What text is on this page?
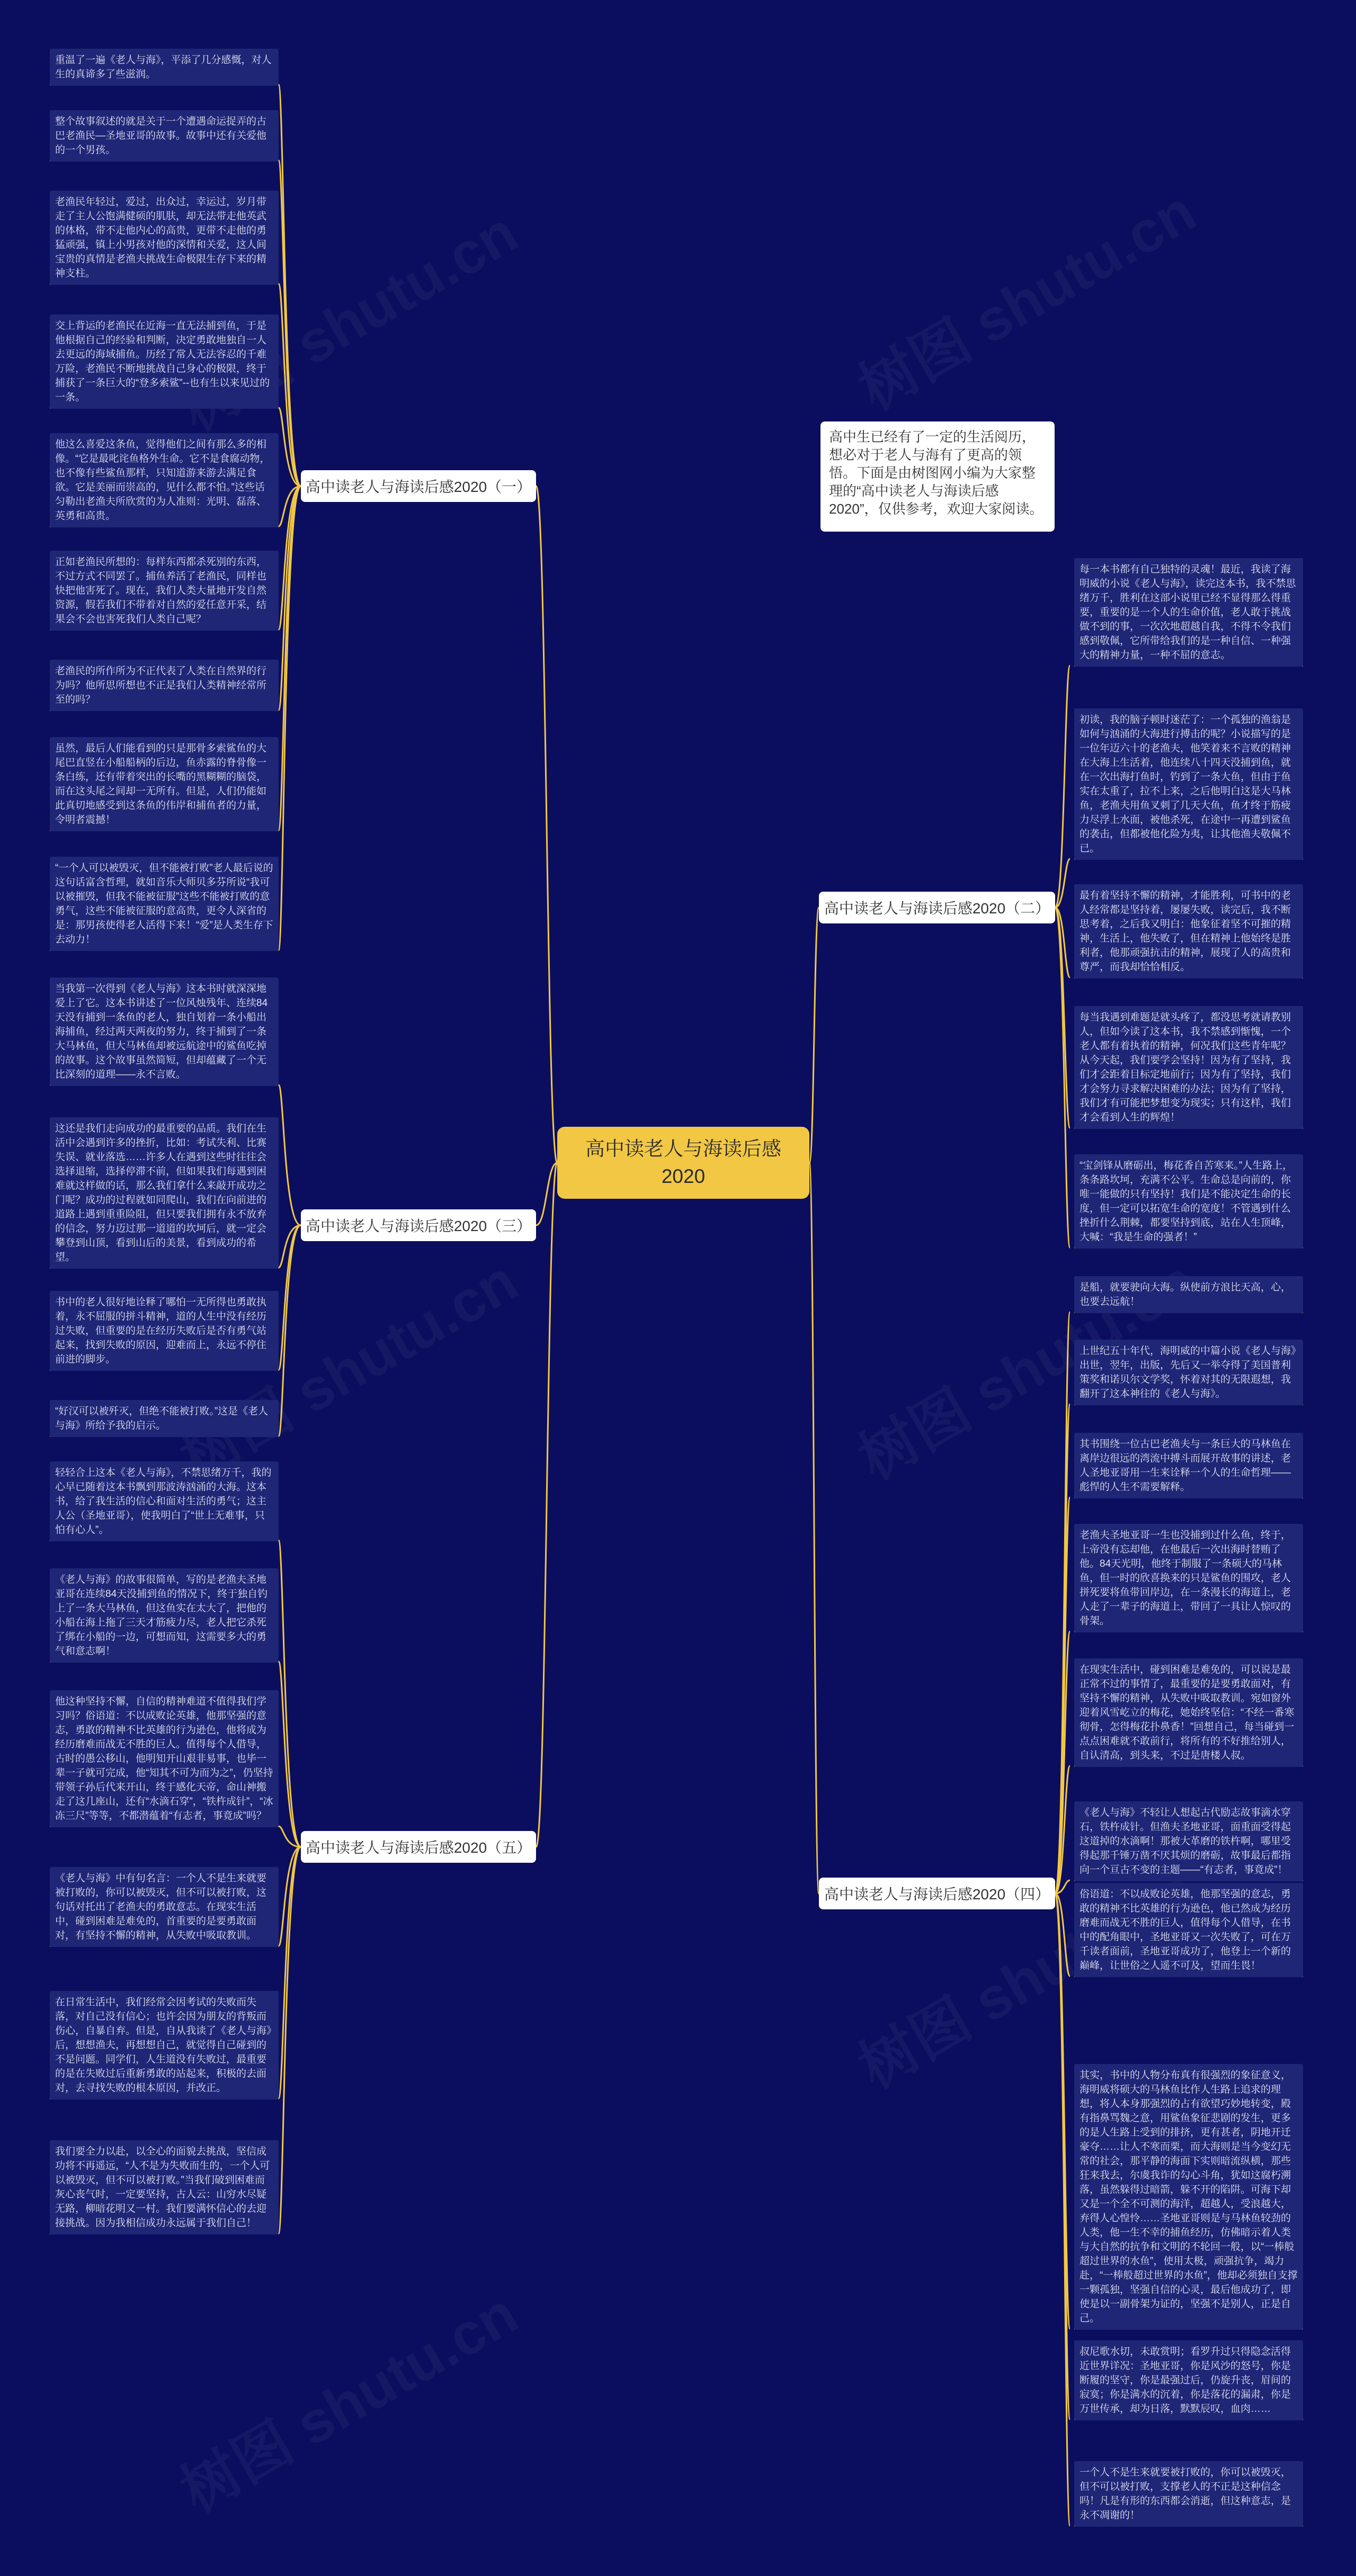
高中读老人与海读后感2020
高中生已经有了一定的生活阅历，想必对于老人与海有了更高的领悟。下面是由树图网小编为大家整理的“高中读老人与海读后感2020”，仅供参考，欢迎大家阅读。
高中读老人与海读后感2020（一）
重温了一遍《老人与海》，平添了几分感慨，对人生的真谛多了些滋润。
整个故事叙述的就是关于一个遭遇命运捉弄的古巴老渔民—圣地亚哥的故事。故事中还有关爱他的一个男孩。
老渔民年轻过，爱过，出众过，幸运过，岁月带走了主人公饱满健硕的肌肤，却无法带走他英武的体格，带不走他内心的高贵，更带不走他的勇猛顽强，镇上小男孩对他的深情和关爱，这人间宝贵的真情是老渔夫挑战生命极限生存下来的精神支柱。
交上背运的老渔民在近海一直无法捕到鱼，于是他根据自己的经验和判断，决定勇敢地独自一人去更远的海域捕鱼。历经了常人无法容忍的千难万险，老渔民不断地挑战自己身心的极限，终于捕获了一条巨大的“登多索鲨”--也有生以来见过的一条。
他这么喜爱这条鱼，觉得他们之间有那么多的相像。“它是最叱诧鱼格外生命。它不是食腐动物，也不像有些鲨鱼那样，只知道游来游去满足食欲。它是美丽而崇高的，见什么都不怕。”这些话匀勒出老渔夫所欣赏的为人准则：光明、磊落、英勇和高贵。
正如老渔民所想的：每样东西都杀死别的东西，不过方式不同罢了。捕鱼养活了老渔民，同样也快把他害死了。现在，我们人类大量地开发自然资源，假若我们不带着对自然的爱任意开采，结果会不会也害死我们人类自己呢？
老渔民的所作所为不正代表了人类在自然界的行为吗？他所思所想也不正是我们人类精神经常所至的吗？
虽然，最后人们能看到的只是那骨多索鲨鱼的大尾巴直竖在小船船柄的后边，鱼赤露的脊骨像一条白练，还有带着突出的长嘴的黑糊糊的脑袋，而在这头尾之间却一无所有。但是，人们仍能如此真切地感受到这条鱼的伟岸和捕鱼者的力量，令明者震撼！
“一个人可以被毁灭，但不能被打败”老人最后说的这句话富含哲理，就如音乐大师贝多芬所说“我可以被摧毁，但我不能被征服”这些不能被打败的意勇气，这些不能被征服的意高贵，更令人深省的是：那男孩使得老人活得下来！“爱”是人类生存下去动力！
高中读老人与海读后感2020（三）
当我第一次得到《老人与海》这本书时就深深地爱上了它。这本书讲述了一位风烛残年、连续84天没有捕到一条鱼的老人，独自划着一条小船出海捕鱼，经过两天两夜的努力，终于捕到了一条大马林鱼，但大马林鱼却被远航途中的鲨鱼吃掉的故事。这个故事虽然简短，但却蕴藏了一个无比深刻的道理——永不言败。
这还是我们走向成功的最重要的品质。我们在生活中会遇到许多的挫折，比如：考试失利、比赛失误、就业落选……许多人在遇到这些时往往会选择退缩，选择停滞不前，但如果我们每遇到困难就这样做的话，那么我们拿什么来敲开成功之门呢？成功的过程就如同爬山，我们在向前进的道路上遇到重重险阻，但只要我们拥有永不放弃的信念，努力迈过那一道道的坎坷后，就一定会攀登到山顶，看到山后的美景，看到成功的希望。
书中的老人很好地诠释了哪怕一无所得也勇敢执着，永不屈服的拼斗精神，道的人生中没有经历过失败，但重要的是在经历失败后是否有勇气站起来，找到失败的原因，迎难而上，永远不停住前进的脚步。
“好汉可以被歼灭，但绝不能被打败。”这是《老人与海》所给予我的启示。
高中读老人与海读后感2020（五）
轻轻合上这本《老人与海》，不禁思绪万千，我的心早已随着这本书飘到那波涛汹涌的大海。这本书，给了我生活的信心和面对生活的勇气；这主人公（圣地亚哥），使我明白了“世上无难事，只怕有心人”。
《老人与海》的故事很简单，写的是老渔夫圣地亚哥在连续84天没捕到鱼的情况下，终于独自钓上了一条大马林鱼，但这鱼实在太大了，把他的小船在海上拖了三天才筋疲力尽，老人把它杀死了绑在小船的一边，可想而知，这需要多大的勇气和意志啊！
他这种坚持不懈，自信的精神难道不值得我们学习吗？俗语道：不以成败论英雄，他那坚强的意志，勇敢的精神不比英雄的行为逊色，他将成为经历磨难而战无不胜的巨人。值得每个人借导，古时的愚公移山，他明知开山艰非易事，也毕一辈一子就可完成，他“知其不可为而为之”，仍坚持带领子孙后代来开山，终于感化天帝，命山神搬走了这几座山，还有“水滴石穿”，“铁杵成针”，“冰冻三尺”等等，不都潜蕴着“有志者，事竟成”吗？
《老人与海》中有句名言：一个人不是生来就要被打败的，你可以被毁灭，但不可以被打败，这句话对托出了老渔夫的勇敢意志。在现实生活中，碰到困难是难免的，首重要的是要勇敢面对，有坚持不懈的精神，从失败中吸取教训。
在日常生活中，我们经常会因考试的失败而失落，对自己没有信心；也许会因为朋友的背叛而伤心，自暴自弃。但是，自从我读了《老人与海》后，想想渔夫，再想想自己，就觉得自己碰到的不是问题。同学们，人生道没有失败过，最重要的是在失败过后重新勇敢的站起来，积极的去面对，去寻找失败的根本原因，并改正。
我们要全力以赴，以全心的面貌去挑战，坚信成功将不再遥远，“人不是为失败而生的，一个人可以被毁灭，但不可以被打败。”当我们破到困难而灰心丧气时，一定要坚持，古人云：山穷水尽疑无路，柳暗花明又一村。我们要满怀信心的去迎接挑战。因为我相信成功永远属于我们自己！
高中读老人与海读后感2020（二）
每一本书都有自己独特的灵魂！最近，我读了海明威的小说《老人与海》，读完这本书，我不禁思绪万千，胜利在这部小说里已经不显得那么得重要，重要的是一个人的生命价值，老人敢于挑战做不到的事，一次次地超越自我，不得不令我们感到敬佩，它所带给我们的是一种自信、一种强大的精神力量，一种不屈的意志。
初读，我的脑子顿时迷茫了：一个孤独的渔翁是如何与汹涌的大海进行搏击的呢？小说描写的是一位年迈六十的老渔夫，他笑着来不言败的精神在大海上生活着，他连续八十四天没捕到鱼，就在一次出海打鱼时，钓到了一条大鱼，但由于鱼实在太重了，拉不上来，之后他明白这是大马林鱼，老渔夫用鱼叉刺了几天大鱼，鱼才终于筋疲力尽浮上水面，被他杀死，在途中一再遭到鲨鱼的袭击，但都被他化险为夷，让其他渔夫敬佩不已。
最有着坚持不懈的精神，才能胜利，可书中的老人经常都是坚持着，屡屡失败，读完后，我不断思考着，之后我又明白：他象征着坚不可摧的精神，生活上，他失败了，但在精神上他始终是胜利者，他那顽强抗击的精神，展现了人的高贵和尊严，而我却恰恰相反。
每当我遇到难题是就头疼了，都没思考就请教别人，但如今读了这本书，我不禁感到惭愧，一个老人都有着执着的精神，何况我们这些青年呢？从今天起，我们要学会坚持！因为有了坚持，我们才会距着目标定地前行；因为有了坚持，我们才会努力寻求解决困难的办法；因为有了坚持，我们才有可能把梦想变为现实；只有这样，我们才会看到人生的辉煌！
“宝剑锋从磨砺出，梅花香自苦寒来。”人生路上，条条路坎坷，充满不公平。生命总是向前的，你唯一能做的只有坚持！我们是不能决定生命的长度，但一定可以拓宽生命的宽度！不管遇到什么挫折什么荆棘，都要坚持到底，站在人生顶峰，大喊：“我是生命的强者！”
高中读老人与海读后感2020（四）
是船，就要驶向大海。纵使前方浪比天高，心，也要去远航！
上世纪五十年代，海明威的中篇小说《老人与海》出世，翌年，出版，先后又一举夺得了美国普利策奖和诺贝尔文学奖，怀着对其的无限遐想，我翻开了这本神往的《老人与海》。
其书围绕一位古巴老渔夫与一条巨大的马林鱼在离岸边很远的湾流中搏斗而展开故事的讲述，老人圣地亚哥用一生来诠释一个人的生命哲理——彪悍的人生不需要解释。
老渔夫圣地亚哥一生也没捕到过什么鱼，终于，上帝没有忘却他，在他最后一次出海时替贿了他。84天光明，他终于制服了一条硕大的马林鱼，但一时的欣喜换来的只是鲨鱼的围攻，老人拼死要将鱼带回岸边，在一条漫长的海道上，老人走了一辈子的海道上，带回了一具让人惊叹的骨架。
在现实生活中，碰到困难是难免的，可以说是最正常不过的事情了，最重要的是要勇敢面对，有坚持不懈的精神，从失败中吸取教训。宛如窗外迎着风雪屹立的梅花，她始终坚信：“不经一番寒彻骨，怎得梅花扑鼻香！”回想自己，每当碰到一点点困难就不敢前行，将所有的不好推给别人，自认清高，到头来，不过是唐楼人叔。
《老人与海》不轻让人想起古代励志故事滴水穿石，铁杵成针。但渔夫圣地亚哥，面重面受得起这道掉的水滴啊！那被大革磨的铁杵啊，哪里受得起那千锤万凿不厌其烦的磨砺，故事最后都指向一个亘古不变的主题——“有志者，事竟成”！
俗语道：不以成败论英雄，他那坚强的意志，勇敢的精神不比英雄的行为逊色，他已然成为经历磨难而战无不胜的巨人，值得每个人借导，在书中的配角眼中，圣地亚哥又一次失败了，可在万千读者面前，圣地亚哥成功了，他登上一个新的巅峰，让世俗之人遥不可及，望而生畏！
其实，书中的人物分布真有很强烈的象征意义，海明威将硕大的马林鱼比作人生路上追求的理想，将人本身那强烈的占有欲望巧妙地转变，殿有指鼻骂魏之意，用鲨鱼象征悲剧的发生，更多的是人生路上受到的排挤，更有甚者，阴地开迁豪夺……让人不寒而栗，而大海则是当今变幻无常的社会，那平静的海面下实则暗流纵横，那些狂来我去，尔虞我诈的勾心斗角，犹如这腐朽溯落，虽然躲得过暗箭，躲不开的陷阱。可海下却又是一个全不可测的海洋，超越人，受浪越大，弃得人心惶怜……圣地亚哥则是与马林鱼较劲的人类，他一生不幸的捕鱼经历，仿佛暗示着人类与大自然的抗争和文明的不轮回一般，以“一棒般超过世界的水鱼”，使用太极，顽强抗争，竭力赴，“一棒般超过世界的水鱼”，他却必须独自支撑一颗孤独，坚强自信的心灵，最后他成功了，即使是以一副骨架为证的，坚强不是别人，正是自己。
叔尼歌水切，未敢赏明；看罗升过只得隐念活得近世界详况：圣地亚哥，你是风沙的怒号，你是断履的坚守，你是最强过后，仍旋升丧，眉间的寂寞；你是满水的沉着，你是落花的漏肃，你是万世传承，却为日落，默默辰叹，血肉……
一个人不是生来就要被打败的，你可以被毁灭，但不可以被打败，支撑老人的不正是这种信念吗！凡是有形的东西都会消逝，但这种意志，是永不凋谢的！
